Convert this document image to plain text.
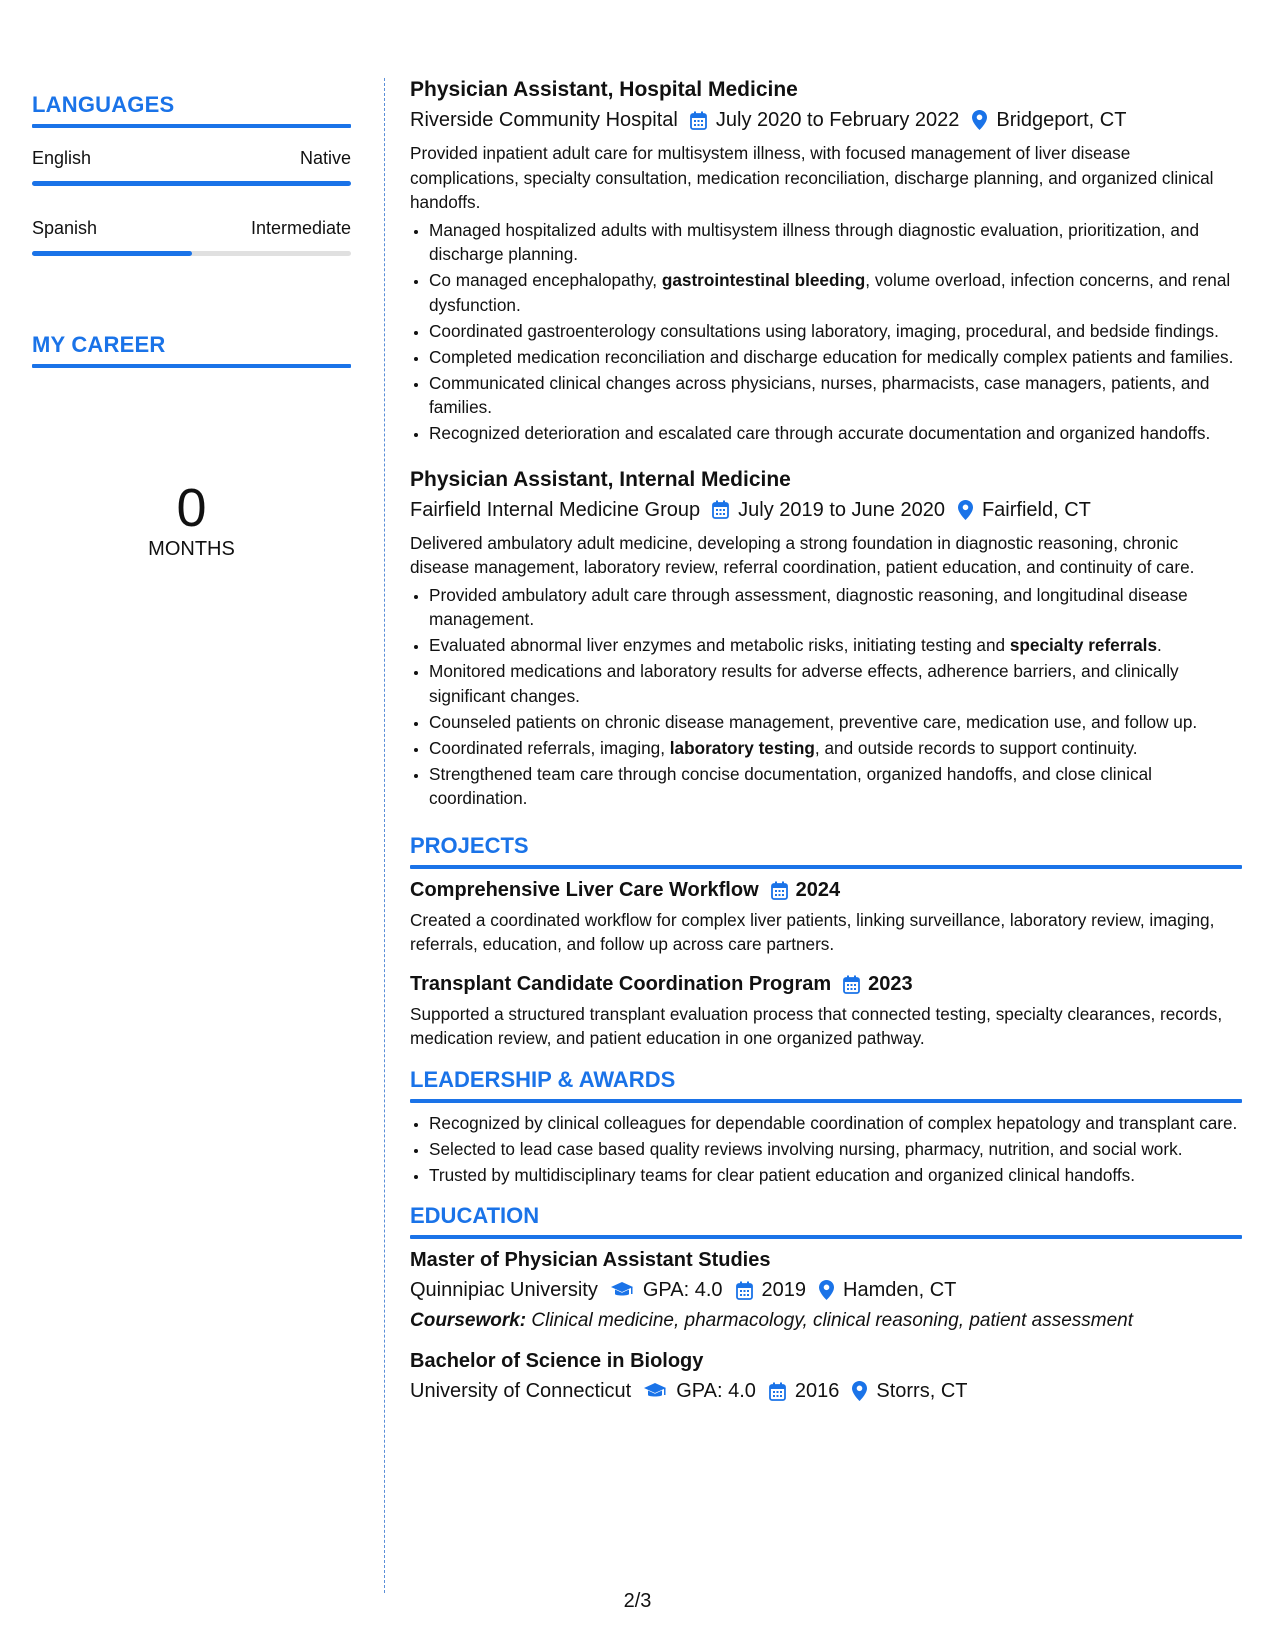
LANGUAGES
English	Native
Spanish	Intermediate
MY CAREER
0
MONTHS
Physician Assistant, Hospital Medicine
Riverside Community Hospital July 2020 to February 2022 Bridgeport, CT

Provided inpatient adult care for multisystem illness, with focused management of liver disease complications, specialty consultation, medication reconciliation, discharge planning, and organized clinical handoffs.

• Managed hospitalized adults with multisystem illness through diagnostic evaluation, prioritization, and discharge planning.
• Co managed encephalopathy, gastrointestinal bleeding, volume overload, infection concerns, and renal dysfunction.
• Coordinated gastroenterology consultations using laboratory, imaging, procedural, and bedside findings.
• Completed medication reconciliation and discharge education for medically complex patients and families.
• Communicated clinical changes across physicians, nurses, pharmacists, case managers, patients, and families.
• Recognized deterioration and escalated care through accurate documentation and organized handoffs.
Physician Assistant, Internal Medicine
Fairfield Internal Medicine Group July 2019 to June 2020 Fairfield, CT

Delivered ambulatory adult medicine, developing a strong foundation in diagnostic reasoning, chronic disease management, laboratory review, referral coordination, patient education, and continuity of care.

• Provided ambulatory adult care through assessment, diagnostic reasoning, and longitudinal disease management.
• Evaluated abnormal liver enzymes and metabolic risks, initiating testing and specialty referrals.
• Monitored medications and laboratory results for adverse effects, adherence barriers, and clinically significant changes.
• Counseled patients on chronic disease management, preventive care, medication use, and follow up.
• Coordinated referrals, imaging, laboratory testing, and outside records to support continuity.
• Strengthened team care through concise documentation, organized handoffs, and close clinical coordination.
PROJECTS
Comprehensive Liver Care Workflow 2024

Created a coordinated workflow for complex liver patients, linking surveillance, laboratory review, imaging, referrals, education, and follow up across care partners.

Transplant Candidate Coordination Program 2023

Supported a structured transplant evaluation process that connected testing, specialty clearances, records, medication review, and patient education in one organized pathway.

LEADERSHIP & AWARDS
• Recognized by clinical colleagues for dependable coordination of complex hepatology and transplant care.
• Selected to lead case based quality reviews involving nursing, pharmacy, nutrition, and social work.
• Trusted by multidisciplinary teams for clear patient education and organized clinical handoffs.
EDUCATION
Master of Physician Assistant Studies
Quinnipiac University GPA: 4.0 2019 Hamden, CT
Coursework: Clinical medicine, pharmacology, clinical reasoning, patient assessment
Bachelor of Science in Biology
University of Connecticut GPA: 4.0 2016 Storrs, CT
2/3
